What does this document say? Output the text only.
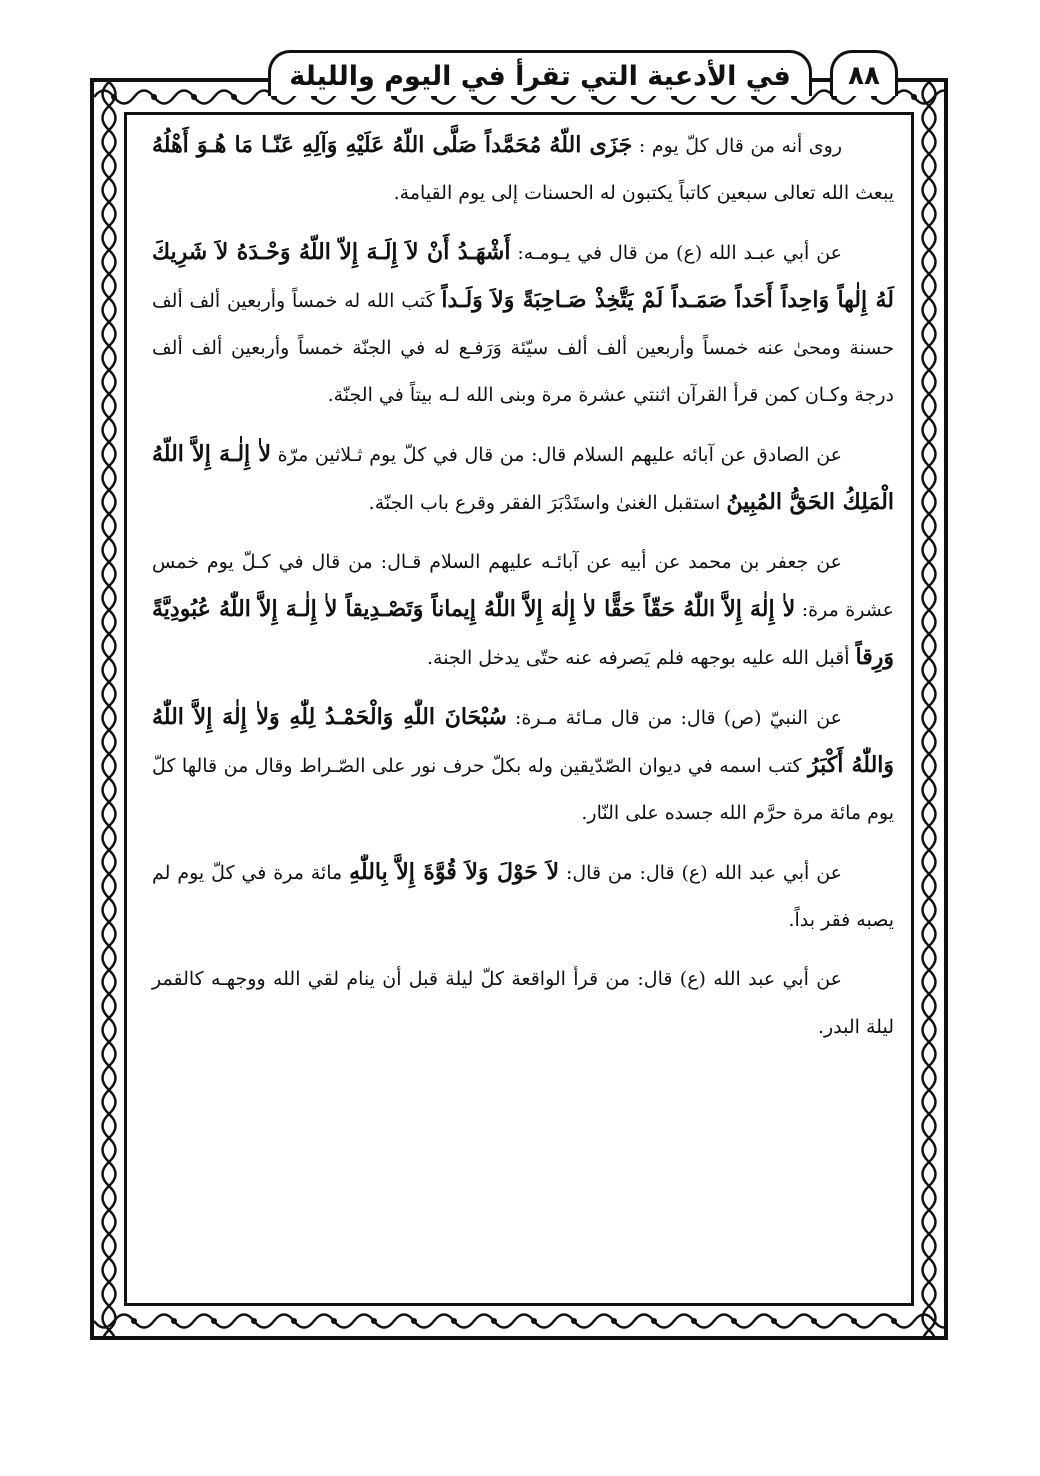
في الأدعية التي تقرأ في اليوم والليلة	٨٨

روى أنه من قال كلّ يوم : جَزَى اللّهُ مُحَمَّداً صَلَّى اللّهُ عَلَيْهِ وَآلِهِ عَنّـا مَا هُـوَ أَهْلُهُ يبعث الله تعالى سبعين كاتباً يكتبون له الحسنات إلى يوم القيامة.

عن أبي عبـد الله (ع) من قال في يـومـه: أَشْهَـدُ أَنْ لاَ إِلَـهَ إِلاّ اللّهُ وَحْـدَهُ لاَ شَرِيكَ لَهُ إِلٰهاً وَاحِداً أَحَداً صَمَـداً لَمْ يَتَّخِذْ صَـاحِبَةً وَلاَ وَلَـداً كَتب الله له خمساً وأربعين ألف ألف حسنة ومحىٰ عنه خمساً وأربعين ألف ألف سيّئة وَرَفـع له في الجنّة خمساً وأربعين ألف ألف درجة وكـان كمن قرأ القرآن اثنتي عشرة مرة وبنى الله لـه بيتاً في الجنّة.

عن الصادق عن آبائه عليهم السلام قال: من قال في كلّ يوم ثـلاثين مرّة لاٰ إِلٰـهَ إِلاَّ اللّهُ الْمَلِكُ الحَقُّ المُبِينُ استقبل الغنىٰ واستَدْبَرَ الفقر وقرع باب الجنّة.

عن جعفر بن محمد عن أبيه عن آبائـه عليهم السلام قـال: من قال في كـلّ يوم خمس عشرة مرة: لاٰ إِلٰهَ إِلاَّ اللّٰهُ حَقّاً حَقًّا لاٰ إِلٰهَ إِلاَّ اللّٰهُ إِيماناً وَتَصْـدِيقاً لاٰ إِلٰـهَ إِلاَّ اللّٰهُ عُبُودِيَّةً وَرِقاً أقبل الله عليه بوجهه فلم يَصرفه عنه حتّى يدخل الجنة.

عن النبيّ (ص) قال: من قال مـائة مـرة: سُبْحَانَ اللّٰهِ وَالْحَمْـدُ لِلّٰهِ وَلاٰ إِلٰهَ إِلاَّ اللّٰهُ وَاللّٰهُ أَكْبَرُ كتب اسمه في ديوان الصّدّيقين وله بكلّ حرف نور على الصّـراط وقال من قالها كلّ يوم مائة مرة حرَّم الله جسده على النّار.

عن أبي عبد الله (ع) قال: من قال: لاَ حَوْلَ وَلاَ قُوَّةَ إِلاَّ بِاللّٰهِ مائة مرة في كلّ يوم لم يصبه فقر بداً.

عن أبي عبد الله (ع) قال: من قرأ الواقعة كلّ ليلة قبل أن ينام لقي الله ووجهـه كالقمر ليلة البدر.
